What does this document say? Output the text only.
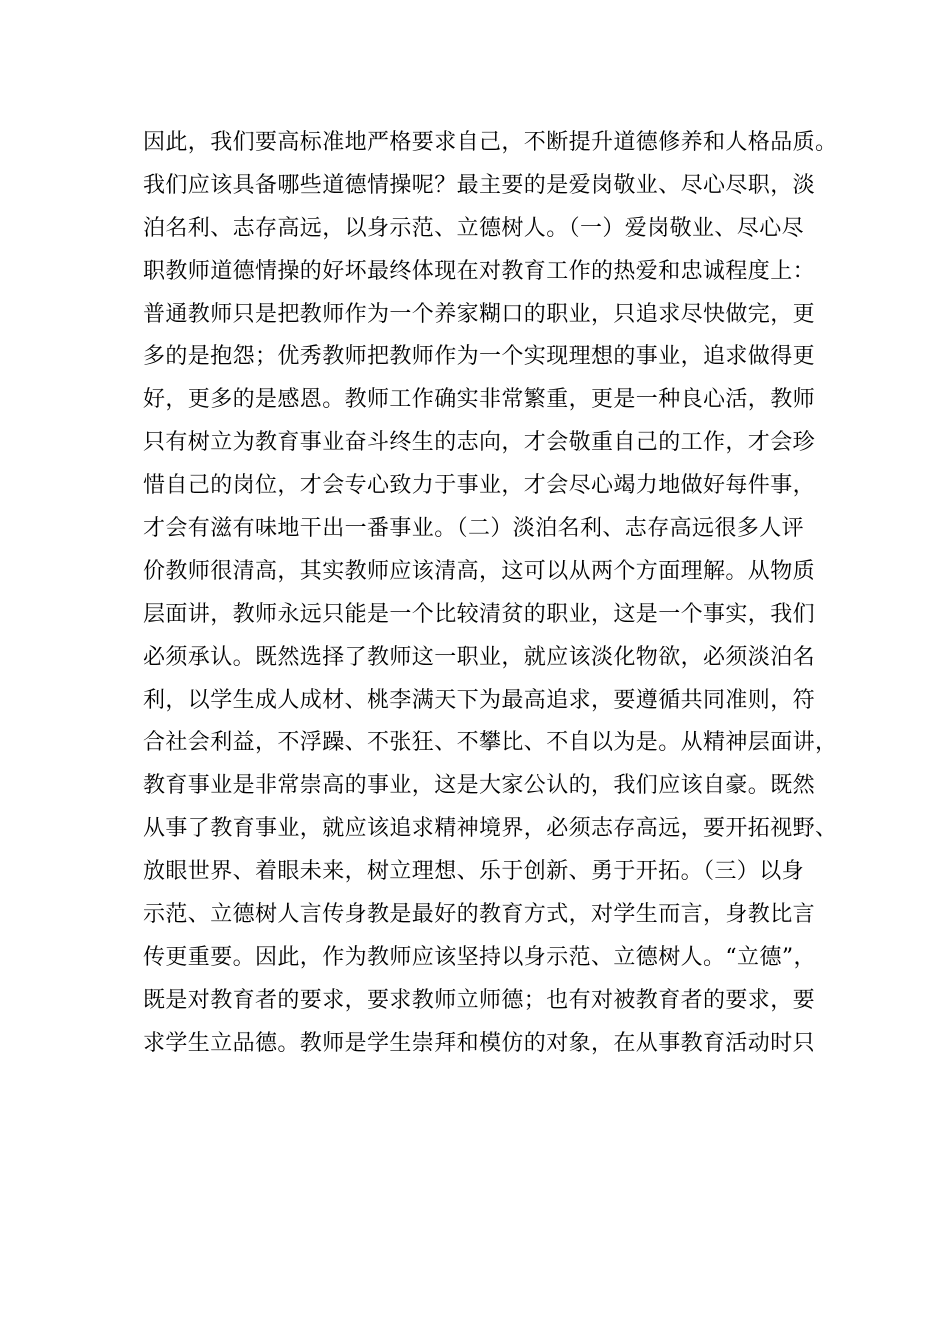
因此，我们要高标准地严格要求自己，不断提升道德修养和人格品质。
我们应该具备哪些道德情操呢？最主要的是爱岗敬业、尽心尽职，淡
泊名利、志存高远，以身示范、立德树人。（一）爱岗敬业、尽心尽
职教师道德情操的好坏最终体现在对教育工作的热爱和忠诚程度上：
普通教师只是把教师作为一个养家糊口的职业，只追求尽快做完，更
多的是抱怨；优秀教师把教师作为一个实现理想的事业，追求做得更
好，更多的是感恩。教师工作确实非常繁重，更是一种良心活，教师
只有树立为教育事业奋斗终生的志向，才会敬重自己的工作，才会珍
惜自己的岗位，才会专心致力于事业，才会尽心竭力地做好每件事，
才会有滋有味地干出一番事业。（二）淡泊名利、志存高远很多人评
价教师很清高，其实教师应该清高，这可以从两个方面理解。从物质
层面讲，教师永远只能是一个比较清贫的职业，这是一个事实，我们
必须承认。既然选择了教师这一职业，就应该淡化物欲，必须淡泊名
利，以学生成人成材、桃李满天下为最高追求，要遵循共同准则，符
合社会利益，不浮躁、不张狂、不攀比、不自以为是。从精神层面讲，
教育事业是非常崇高的事业，这是大家公认的，我们应该自豪。既然
从事了教育事业，就应该追求精神境界，必须志存高远，要开拓视野、
放眼世界、着眼未来，树立理想、乐于创新、勇于开拓。（三）以身
示范、立德树人言传身教是最好的教育方式，对学生而言，身教比言
传更重要。因此，作为教师应该坚持以身示范、立德树人。“立德”，
既是对教育者的要求，要求教师立师德；也有对被教育者的要求，要
求学生立品德。教师是学生崇拜和模仿的对象，在从事教育活动时只
